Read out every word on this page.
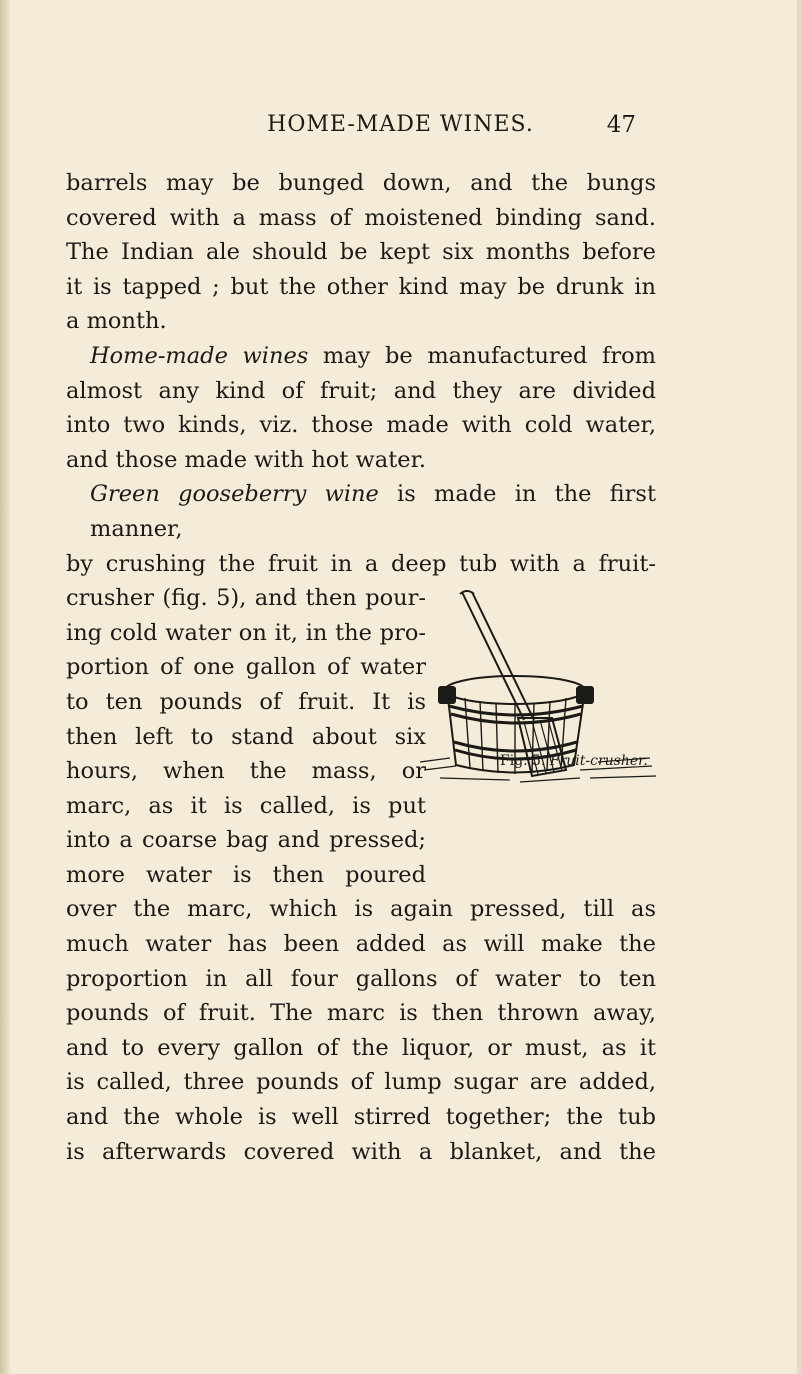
HOME-MADE WINES.	47
barrels may be bunged down, and the bungs
covered with a mass of moistened binding sand.
The Indian ale should be kept six months before
it is tapped ; but the other kind may be drunk in
a month.
Home-made wines may be manufactured from
almost any kind of fruit; and they are divided
into two kinds, viz. those made with cold water,
and those made with hot water.
Green gooseberry wine is made in the first manner,
by crushing the fruit in a deep tub with a fruit-
crusher (fig. 5), and then pour-
ing cold water on it, in the pro-
portion of one gallon of water
to ten pounds of fruit. It is
then left to stand about six
hours, when the mass, or
marc, as it is called, is put
into a coarse bag and pressed;
more water is then poured
over the marc, which is again pressed, till as
much water has been added as will make the
proportion in all four gallons of water to ten
pounds of fruit. The marc is then thrown away,
and to every gallon of the liquor, or must, as it
is called, three pounds of lump sugar are added,
and the whole is well stirred together; the tub
is afterwards covered with a blanket, and the
Fig. 5. Fruit-crusher.
